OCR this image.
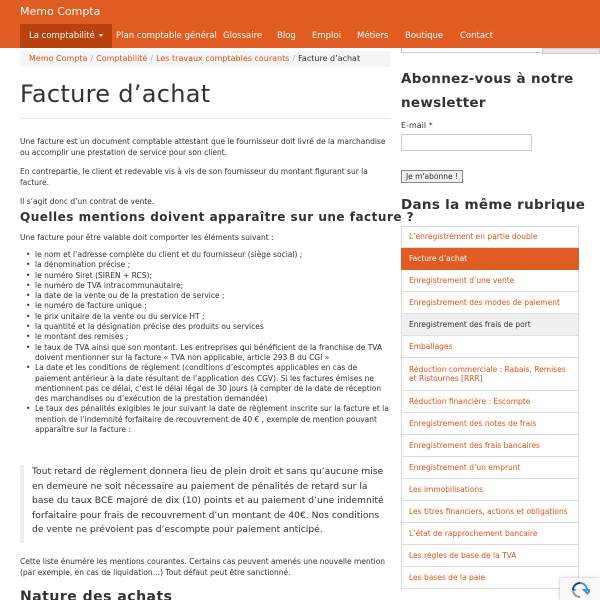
Memo Compta
La comptabilité	Plan comptable général Glossaire	Blog	Emploi	Métiers	Boutique	Contact
Memo Compta / Comptabilité / Les travaux comptables courants / Facture d’achat
Facture d’achat

Une facture est un document comptable attestant que le fournisseur doit livré de la marchandise ou accomplir une prestation de service pour son client.

En contrepartie, le client et redevable vis à vis de son fournisseur du montant figurant sur la facture.

Il s’agit donc d’un contrat de vente.

Quelles mentions doivent apparaître sur une facture ?

Une facture pour être valable doit comporter les éléments suivant :

• le nom et l’adresse complète du client et du fournisseur (siège social) ;
• la dénomination précise ;
• le numéro Siret (SIREN + RCS);
• le numéro de TVA intracommunautaire;
• la date de la vente ou de la prestation de service ;
• le numéro de facture unique ;
• le prix unitaire de la vente ou du service HT ;
• la quantité et la désignation précise des produits ou services
• le montant des remises ;
• le taux de TVA ainsi que son montant. Les entreprises qui bénéficient de la franchise de TVA doivent mentionner sur la facture « TVA non applicable, article 293 B du CGI »
• La date et les conditions de règlement (conditions d’escomptes applicables en cas de paiement antérieur à la date résultant de l’application des CGV). Si les factures émises ne mentionnent pas ce délai, c’est le délai légal de 30 jours (à compter de la date de réception des marchandises ou d’exécution de la prestation demandée)
• Le taux des pénalités exigibles le jour suivant la date de règlement inscrite sur la facture et la mention de l’indemnité forfaitaire de recouvrement de 40 € , exemple de mention pouvant apparaître sur la facture :
Tout retard de règlement donnera lieu de plein droit et sans qu’aucune mise en demeure ne soit nécessaire au paiement de pénalités de retard sur la base du taux BCE majoré de dix (10) points et au paiement d’une indemnité forfaitaire pour frais de recouvrement d’un montant de 40€. Nos conditions de vente ne prévoient pas d’escompte pour paiement anticipé.

Cette liste énumère les mentions courantes. Certains cas peuvent amenés une nouvelle mention (par exemple, en cas de liquidation…) Tout défaut peut être sanctionné.

Nature des achats
Abonnez-vous à notre newsletter
E-mail *
Je m'abonne !
Dans la même rubrique
L’enregistrement en partie double
Facture d’achat
Enregistrement d’une vente
Enregistrement des modes de paiement
Enregistrement des frais de port
Emballages
Réduction commerciale : Rabais, Remises et Ristournes [RRR]
Réduction financière : Escompte
Enregistrement des notes de frais
Enregistrement des frais bancaires
Enregistrement d’un emprunt
Les immobilisations
Les titres financiers, actions et obligations
L’état de rapprochement bancaire
Les règles de base de la TVA
Les bases de la paie
